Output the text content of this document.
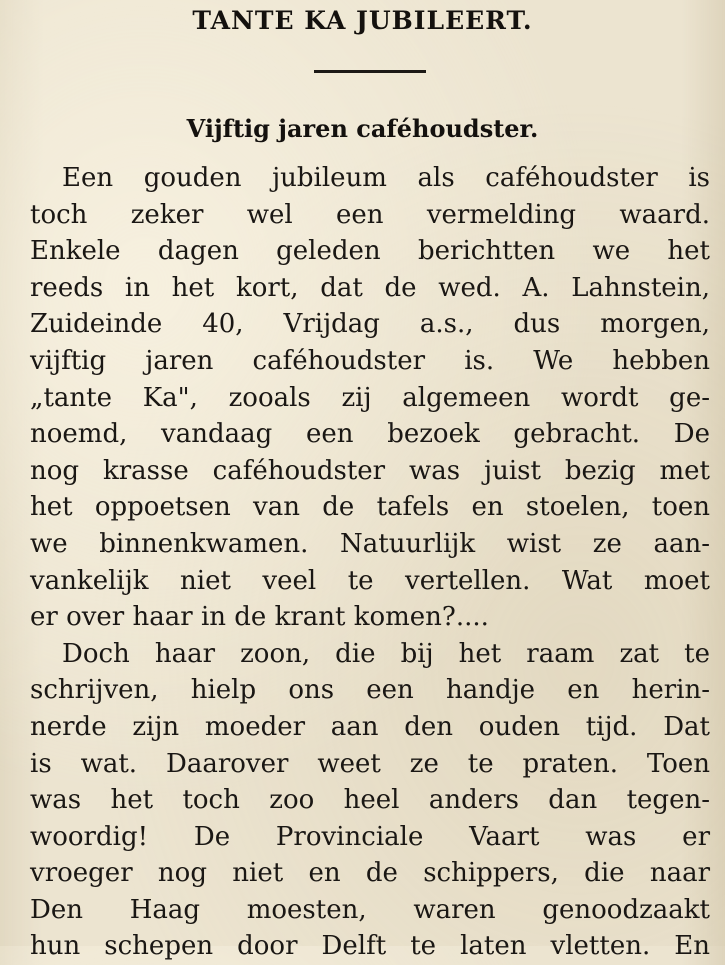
TANTE KA JUBILEERT.
Vijftig jaren caféhoudster.
Een gouden jubileum als caféhoudster is
toch zeker wel een vermelding waard.
Enkele dagen geleden berichtten we het
reeds in het kort, dat de wed. A. Lahnstein,
Zuideinde 40, Vrijdag a.s., dus morgen,
vijftig jaren caféhoudster is. We hebben
„tante Ka", zooals zij algemeen wordt ge-
noemd, vandaag een bezoek gebracht. De
nog krasse caféhoudster was juist bezig met
het oppoetsen van de tafels en stoelen, toen
we binnenkwamen. Natuurlijk wist ze aan-
vankelijk niet veel te vertellen. Wat moet
er over haar in de krant komen?....
Doch haar zoon, die bij het raam zat te
schrijven, hielp ons een handje en herin-
nerde zijn moeder aan den ouden tijd. Dat
is wat. Daarover weet ze te praten. Toen
was het toch zoo heel anders dan tegen-
woordig! De Provinciale Vaart was er
vroeger nog niet en de schippers, die naar
Den Haag moesten, waren genoodzaakt
hun schepen door Delft te laten vletten. En
